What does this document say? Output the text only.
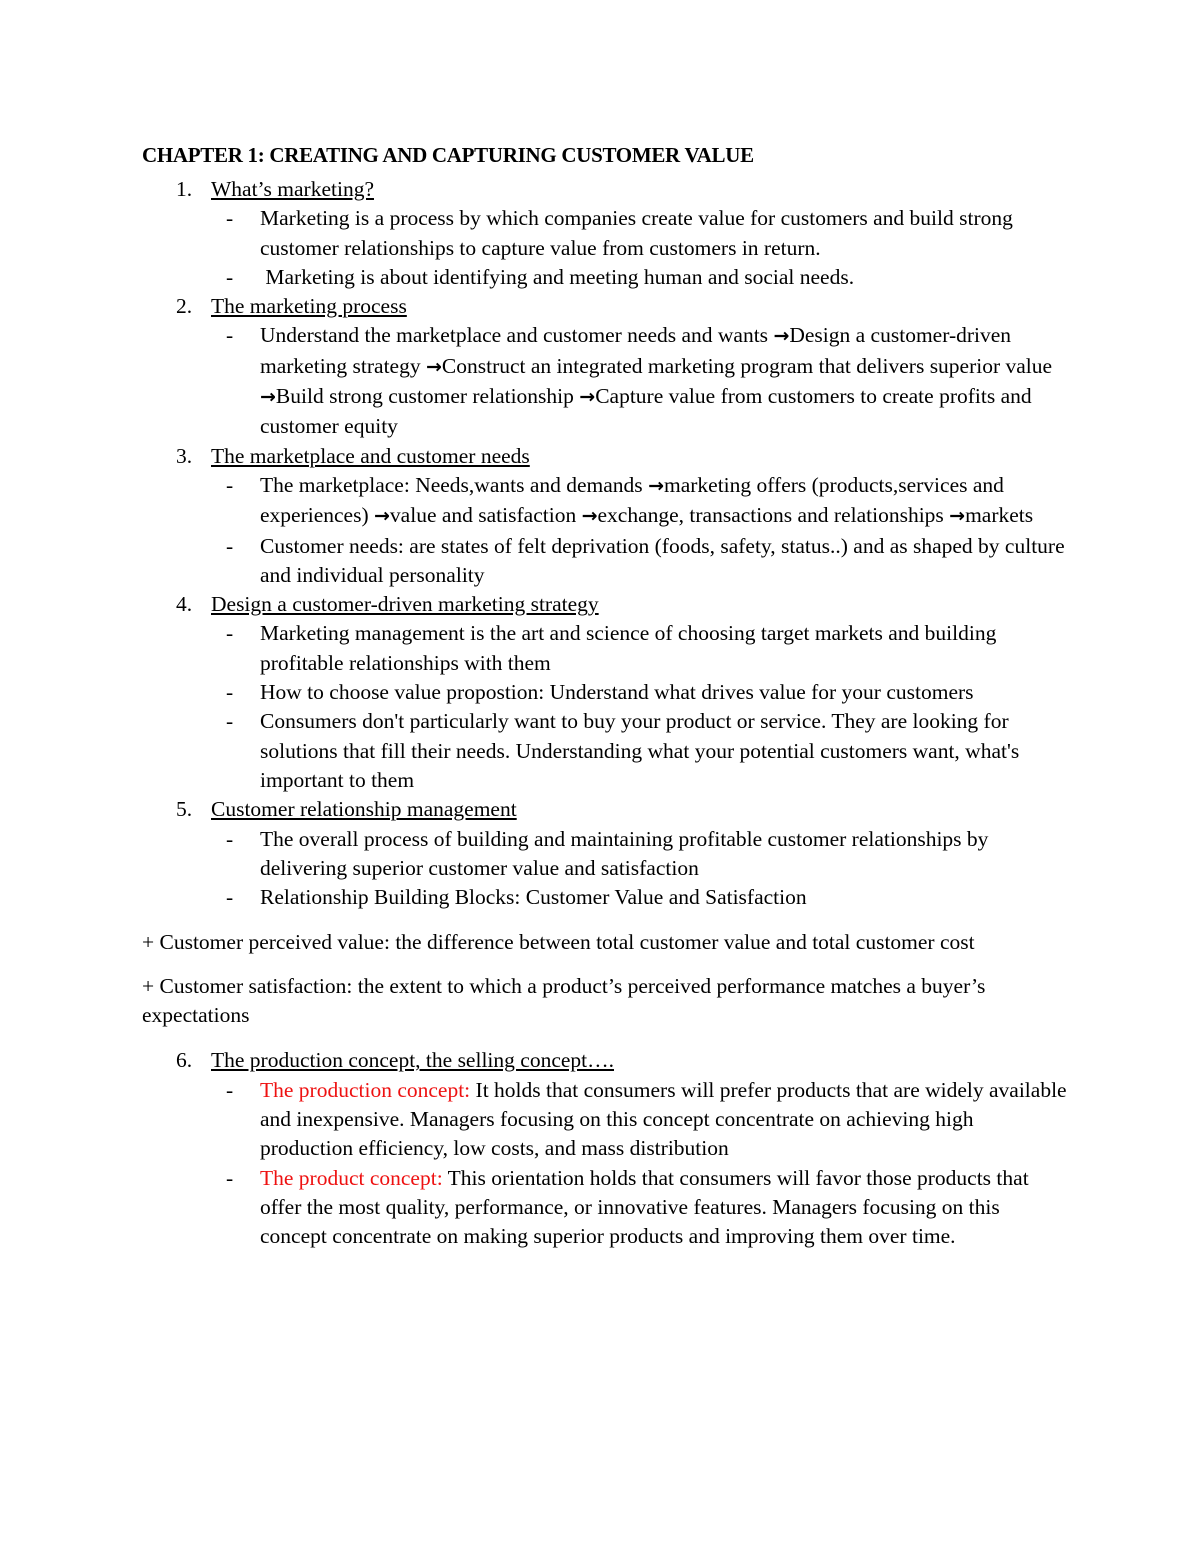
CHAPTER 1: CREATING AND CAPTURING CUSTOMER VALUE
1. What’s marketing?
- Marketing is a process by which companies create value for customers and build strong customer relationships to capture value from customers in return.
- Marketing is about identifying and meeting human and social needs.
2. The marketing process
- Understand the marketplace and customer needs and wants →Design a customer-driven marketing strategy →Construct an integrated marketing program that delivers superior value →Build strong customer relationship →Capture value from customers to create profits and customer equity
3. The marketplace and customer needs
- The marketplace: Needs,wants and demands →marketing offers (products,services and experiences) →value and satisfaction →exchange, transactions and relationships →markets
- Customer needs: are states of felt deprivation (foods, safety, status..) and as shaped by culture and individual personality
4. Design a customer-driven marketing strategy
- Marketing management is the art and science of choosing target markets and building profitable relationships with them
- How to choose value propostion: Understand what drives value for your customers
- Consumers don't particularly want to buy your product or service. They are looking for solutions that fill their needs. Understanding what your potential customers want, what's important to them
5. Customer relationship management
- The overall process of building and maintaining profitable customer relationships by delivering superior customer value and satisfaction
- Relationship Building Blocks: Customer Value and Satisfaction

+ Customer perceived value: the difference between total customer value and total customer cost

+ Customer satisfaction: the extent to which a product’s perceived performance matches a buyer’s expectations

6. The production concept, the selling concept….
- The production concept: It holds that consumers will prefer products that are widely available and inexpensive. Managers focusing on this concept concentrate on achieving high production efficiency, low costs, and mass distribution
- The product concept: This orientation holds that consumers will favor those products that offer the most quality, performance, or innovative features. Managers focusing on this concept concentrate on making superior products and improving them over time.
